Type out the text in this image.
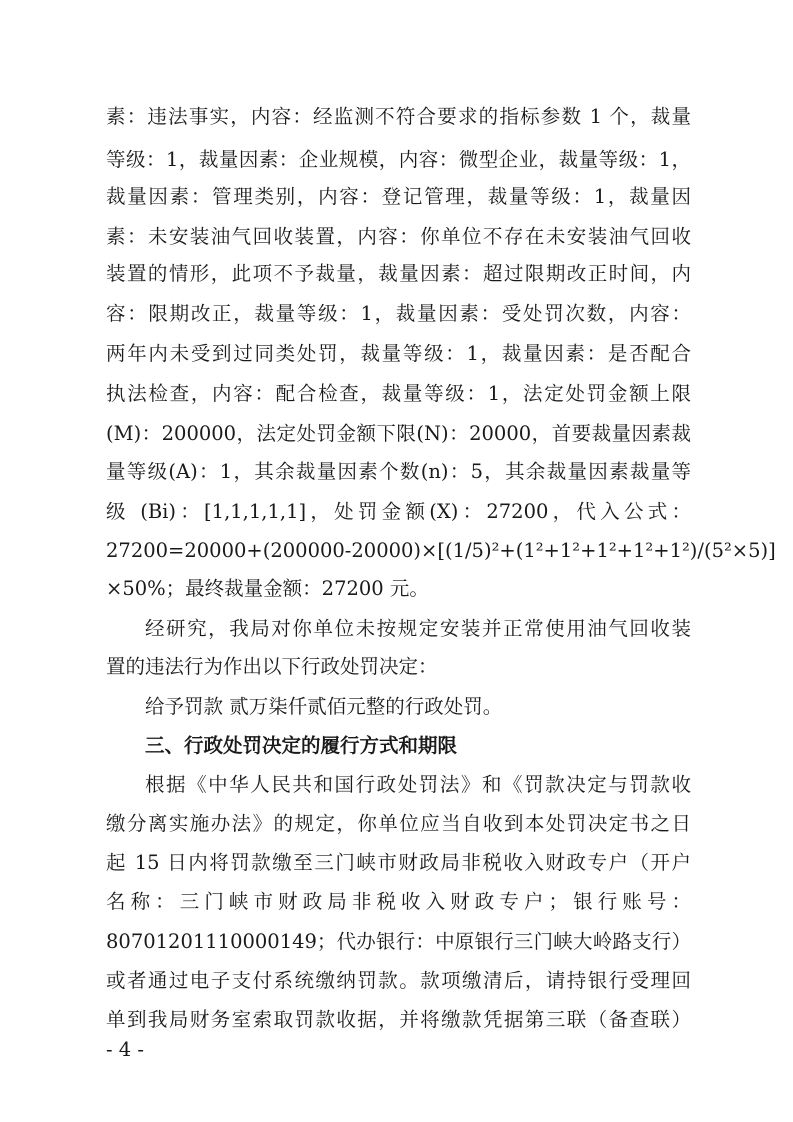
素：违法事实，内容：经监测不符合要求的指标参数 1 个，裁量
等级：1，裁量因素：企业规模，内容：微型企业，裁量等级：1，
裁量因素：管理类别，内容：登记管理，裁量等级：1，裁量因
素：未安装油气回收装置，内容：你单位不存在未安装油气回收
装置的情形，此项不予裁量，裁量因素：超过限期改正时间，内
容：限期改正，裁量等级：1，裁量因素：受处罚次数，内容：
两年内未受到过同类处罚，裁量等级：1，裁量因素：是否配合
执法检查，内容：配合检查，裁量等级：1，法定处罚金额上限
(M)：200000，法定处罚金额下限(N)：20000，首要裁量因素裁
量等级(A)：1，其余裁量因素个数(n)：5，其余裁量因素裁量等
级 (Bi)：[1,1,1,1,1]，处罚金额(X)：27200，代入公式：
27200=20000+(200000-20000)×[(1/5)²+(1²+1²+1²+1²+1²)/(5²×5)]
×50%；最终裁量金额：27200 元。
经研究，我局对你单位未按规定安装并正常使用油气回收装
置的违法行为作出以下行政处罚决定：
给予罚款 贰万柒仟贰佰元整的行政处罚。
三、行政处罚决定的履行方式和期限
根据《中华人民共和国行政处罚法》和《罚款决定与罚款收
缴分离实施办法》的规定，你单位应当自收到本处罚决定书之日
起 15 日内将罚款缴至三门峡市财政局非税收入财政专户（开户
名称：三门峡市财政局非税收入财政专户；银行账号：
80701201110000149；代办银行：中原银行三门峡大岭路支行）
或者通过电子支付系统缴纳罚款。款项缴清后，请持银行受理回
单到我局财务室索取罚款收据，并将缴款凭据第三联（备查联）
- 4 -
